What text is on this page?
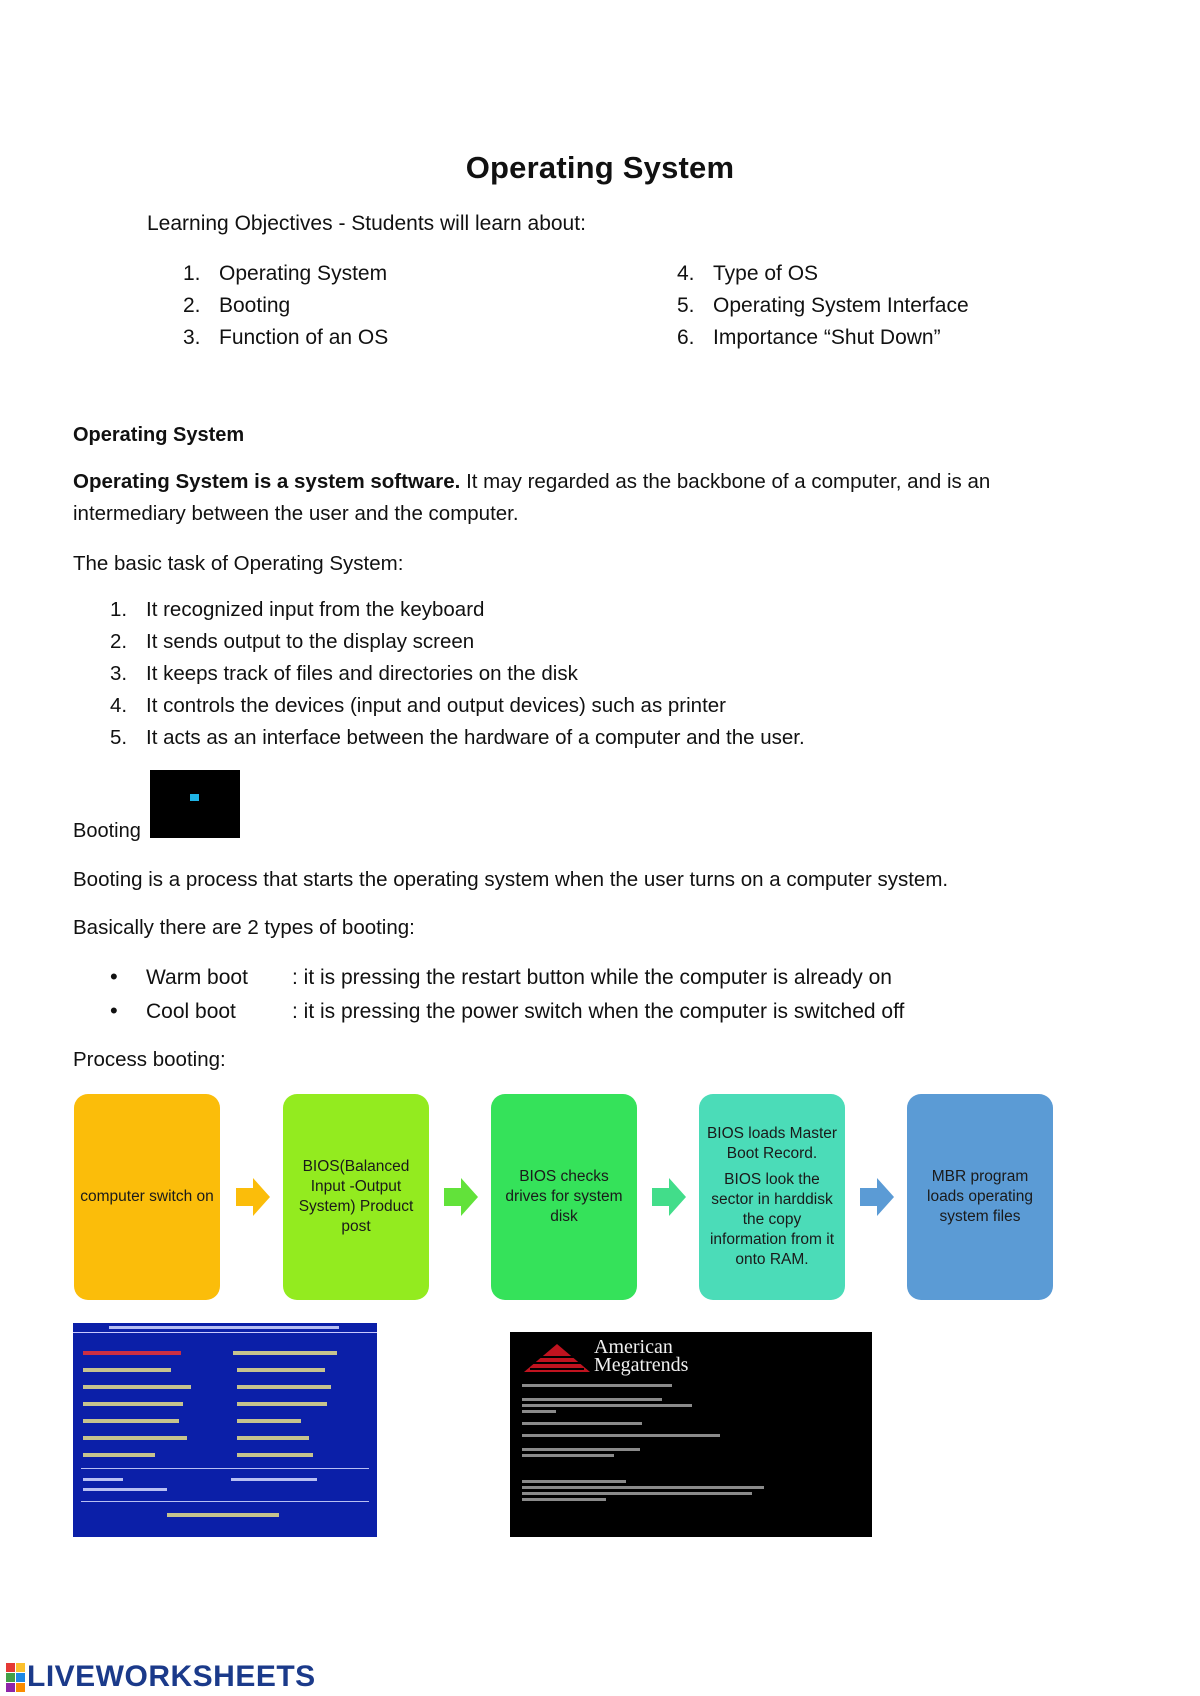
Operating System
Learning Objectives - Students will learn about:
1. Operating System
2. Booting
3. Function of an OS
4. Type of OS
5. Operating System Interface
6. Importance “Shut Down”
Operating System
Operating System is a system software. It may regarded as the backbone of a computer, and is an intermediary between the user and the computer.
The basic task of Operating System:
1. It recognized input from the keyboard
2. It sends output to the display screen
3. It keeps track of files and directories on the disk
4. It controls the devices (input and output devices) such as printer
5. It acts as an interface between the hardware of a computer and the user.
Booting
Booting is a process that starts the operating system when the user turns on a computer system.
Basically there are 2 types of booting:
• Warm boot : it is pressing the restart button while the computer is already on
• Cool boot	: it is pressing the power switch when the computer is switched off
Process booting:

computer switch on

BIOS(Balanced Input -Output System) Product post

BIOS checks drives for system disk

BIOS loads Master Boot Record.

BIOS look the sector in harddisk the copy information from it onto RAM.

MBR program loads operating system files

American
Megatrends
LIVEWORKSHEETS
